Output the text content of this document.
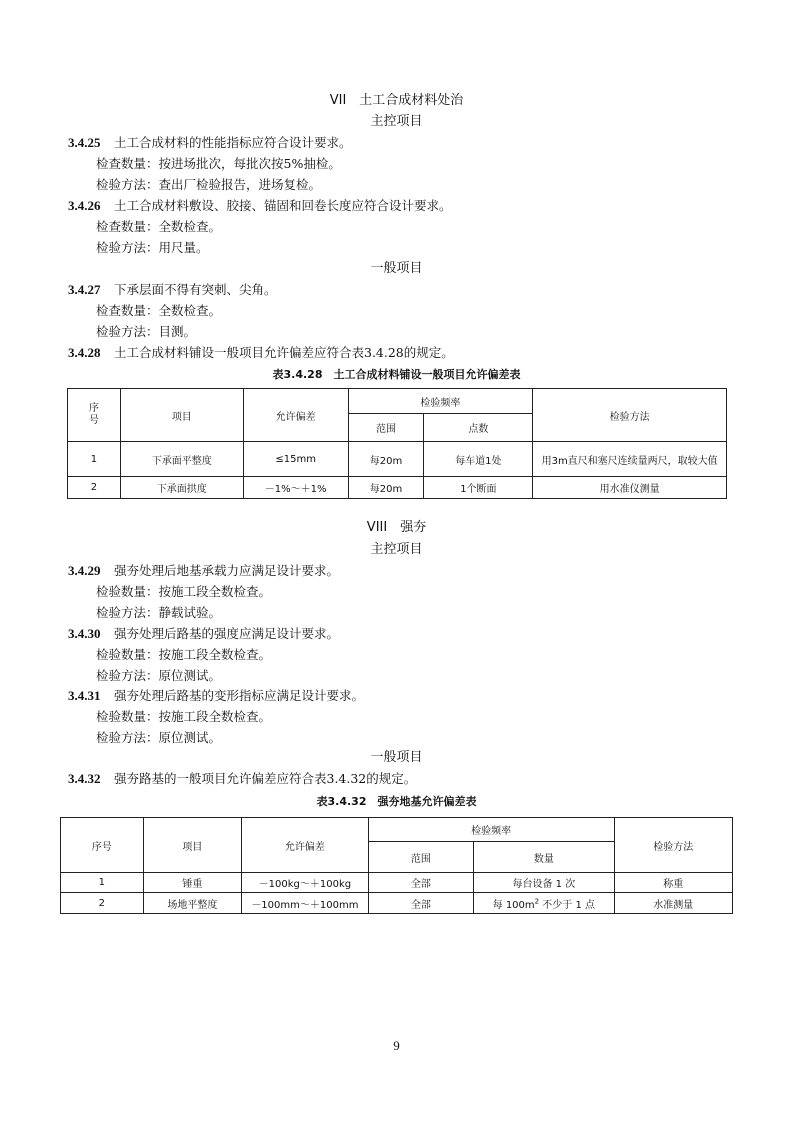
VII　土工合成材料处治
主控项目
3.4.25 土工合成材料的性能指标应符合设计要求。
检查数量：按进场批次，每批次按5%抽检。
检验方法：查出厂检验报告，进场复检。
3.4.26 土工合成材料敷设、胶接、锚固和回卷长度应符合设计要求。
检查数量：全数检查。
检验方法：用尺量。
一般项目
3.4.27 下承层面不得有突刺、尖角。
检查数量：全数检查。
检验方法：目测。
3.4.28 土工合成材料铺设一般项目允许偏差应符合表3.4.28的规定。
表3.4.28　土工合成材料铺设一般项目允许偏差表
序
号	项目	允许偏差	检验频率		检验方法
			范围	点数	
1	下承面平整度	≤15mm	每20m	每车道1处	用3m直尺和塞尺连续量两尺，取较大值
2	下承面拱度	－1%～＋1%	每20m	1个断面	用水准仪测量
VIII　强夯
主控项目
3.4.29 强夯处理后地基承载力应满足设计要求。
检验数量：按施工段全数检查。
检验方法：静载试验。
3.4.30 强夯处理后路基的强度应满足设计要求。
检验数量：按施工段全数检查。
检验方法：原位测试。
3.4.31 强夯处理后路基的变形指标应满足设计要求。
检验数量：按施工段全数检查。
检验方法：原位测试。
一般项目
3.4.32 强夯路基的一般项目允许偏差应符合表3.4.32的规定。
表3.4.32　强夯地基允许偏差表
序号	项目	允许偏差	检验频率		检验方法
			范围	数量	
1	锤重	－100kg～＋100kg	全部	每台设备 1 次	称重
2	场地平整度	－100mm～＋100mm	全部	每 $100m^2$ 不少于 1 点	水准测量
9
